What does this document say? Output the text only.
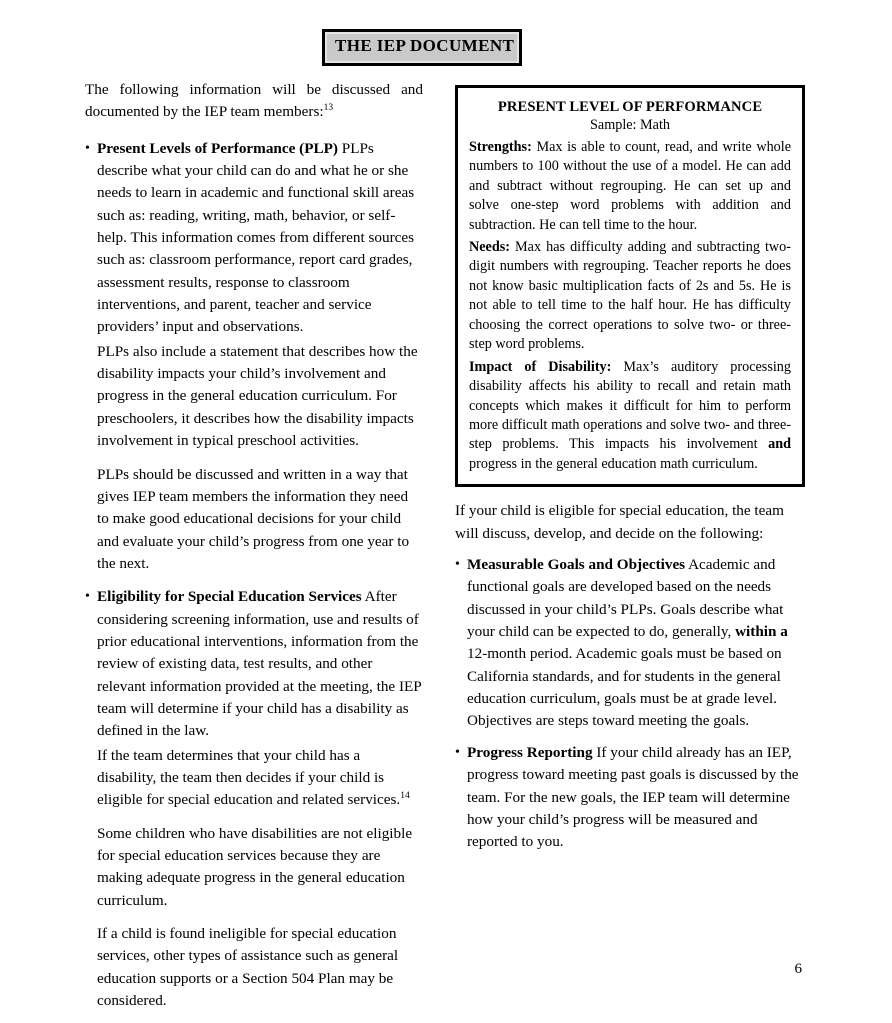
THE IEP DOCUMENT

The following information will be discussed and documented by the IEP team members:$^{13}$

• Present Levels of Performance (PLP) PLPs describe what your child can do and what he or she needs to learn in academic and functional skill areas such as: reading, writing, math, behavior, or self-help. This information comes from different sources such as: classroom performance, report card grades, assessment results, response to classroom interventions, and parent, teacher and service providers’ input and observations.

PLPs also include a statement that describes how the disability impacts your child’s involvement and progress in the general education curriculum. For preschoolers, it describes how the disability impacts involvement in typical preschool activities.

PLPs should be discussed and written in a way that gives IEP team members the information they need to make good educational decisions for your child and evaluate your child’s progress from one year to the next.

• Eligibility for Special Education Services After considering screening information, use and results of prior educational interventions, information from the review of existing data, test results, and other relevant information provided at the meeting, the IEP team will determine if your child has a disability as defined in the law.

If the team determines that your child has a disability, the team then decides if your child is eligible for special education and related services.$^{14}$

Some children who have disabilities are not eligible for special education services because they are making adequate progress in the general education curriculum.

If a child is found ineligible for special education services, other types of assistance such as general education supports or a Section 504 Plan may be considered.

PRESENT LEVEL OF PERFORMANCE

Sample: Math

Strengths: Max is able to count, read, and write whole numbers to 100 without the use of a model. He can add and subtract without regrouping. He can set up and solve one-step word problems with addition and subtraction. He can tell time to the hour.

Needs: Max has difficulty adding and subtracting two-digit numbers with regrouping. Teacher reports he does not know basic multiplication facts of 2s and 5s. He is not able to tell time to the half hour. He has difficulty choosing the correct operations to solve two- or three-step word problems.

Impact of Disability: Max’s auditory processing disability affects his ability to recall and retain math concepts which makes it difficult for him to perform more difficult math operations and solve two- and three-step problems. This impacts his involvement and progress in the general education math curriculum.

If your child is eligible for special education, the team will discuss, develop, and decide on the following:

• Measurable Goals and Objectives Academic and functional goals are developed based on the needs discussed in your child’s PLPs. Goals describe what your child can be expected to do, generally, within a 12-month period. Academic goals must be based on California standards, and for students in the general education curriculum, goals must be at grade level. Objectives are steps toward meeting the goals.

• Progress Reporting If your child already has an IEP, progress toward meeting past goals is discussed by the team. For the new goals, the IEP team will determine how your child’s progress will be measured and reported to you.

6
